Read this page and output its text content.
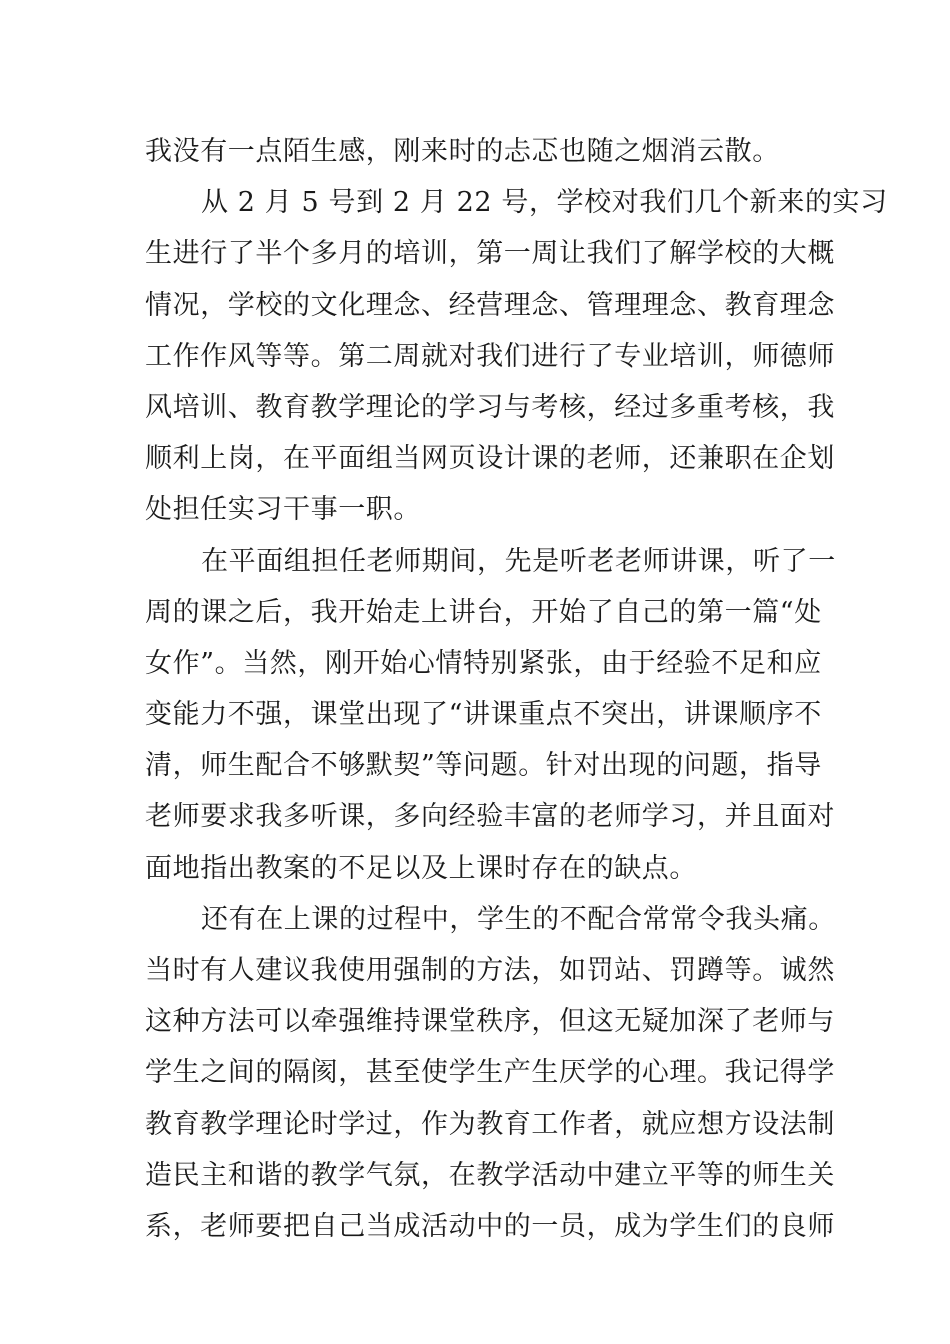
我没有一点陌生感，刚来时的忐忑也随之烟消云散。
从 2 月 5 号到 2 月 22 号，学校对我们几个新来的实习
生进行了半个多月的培训，第一周让我们了解学校的大概
情况，学校的文化理念、经营理念、管理理念、教育理念
工作作风等等。第二周就对我们进行了专业培训，师德师
风培训、教育教学理论的学习与考核，经过多重考核，我
顺利上岗，在平面组当网页设计课的老师，还兼职在企划
处担任实习干事一职。
在平面组担任老师期间，先是听老老师讲课，听了一
周的课之后，我开始走上讲台，开始了自己的第一篇“处
女作”。当然，刚开始心情特别紧张，由于经验不足和应
变能力不强，课堂出现了“讲课重点不突出，讲课顺序不
清，师生配合不够默契”等问题。针对出现的问题，指导
老师要求我多听课，多向经验丰富的老师学习，并且面对
面地指出教案的不足以及上课时存在的缺点。
还有在上课的过程中，学生的不配合常常令我头痛。
当时有人建议我使用强制的方法，如罚站、罚蹲等。诚然
这种方法可以牵强维持课堂秩序，但这无疑加深了老师与
学生之间的隔阂，甚至使学生产生厌学的心理。我记得学
教育教学理论时学过，作为教育工作者，就应想方设法制
造民主和谐的教学气氛，在教学活动中建立平等的师生关
系，老师要把自己当成活动中的一员，成为学生们的良师
